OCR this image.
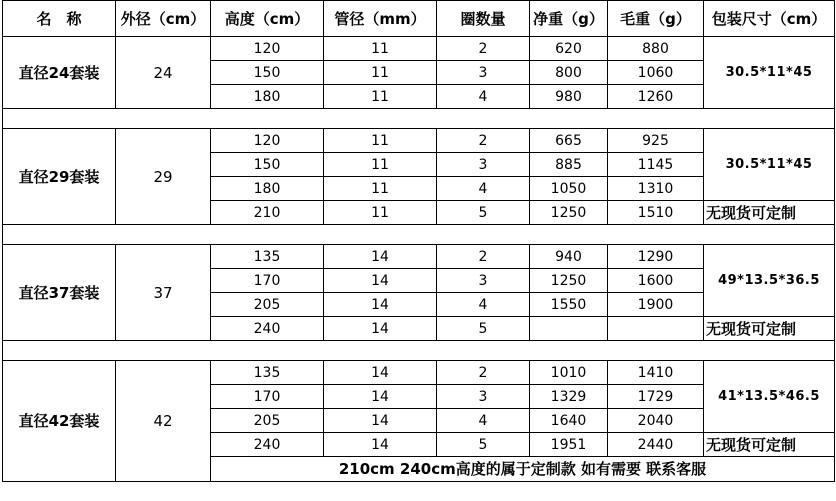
名　称	外径（cm）	高度（cm）	管径（mm）	圈数量	净重（g）	毛重（g）	包装尺寸（cm）
直径24套装	24	120	11	2	620	880	30.5*11*45
		150	11	3	800	1060	
		180	11	4	980	1260	

直径29套装	29	120	11	2	665	925	30.5*11*45
		150	11	3	885	1145	
		180	11	4	1050	1310	
		210	11	5	1250	1510	无现货可定制

直径37套装	37	135	14	2	940	1290	49*13.5*36.5
		170	14	3	1250	1600	
		205	14	4	1550	1900	
		240	14	5			无现货可定制

直径42套装	42	135	14	2	1010	1410	41*13.5*46.5
		170	14	3	1329	1729	
		205	14	4	1640	2040	
		240	14	5	1951	2440	无现货可定制
		210cm 240cm高度的属于定制款 如有需要 联系客服					
